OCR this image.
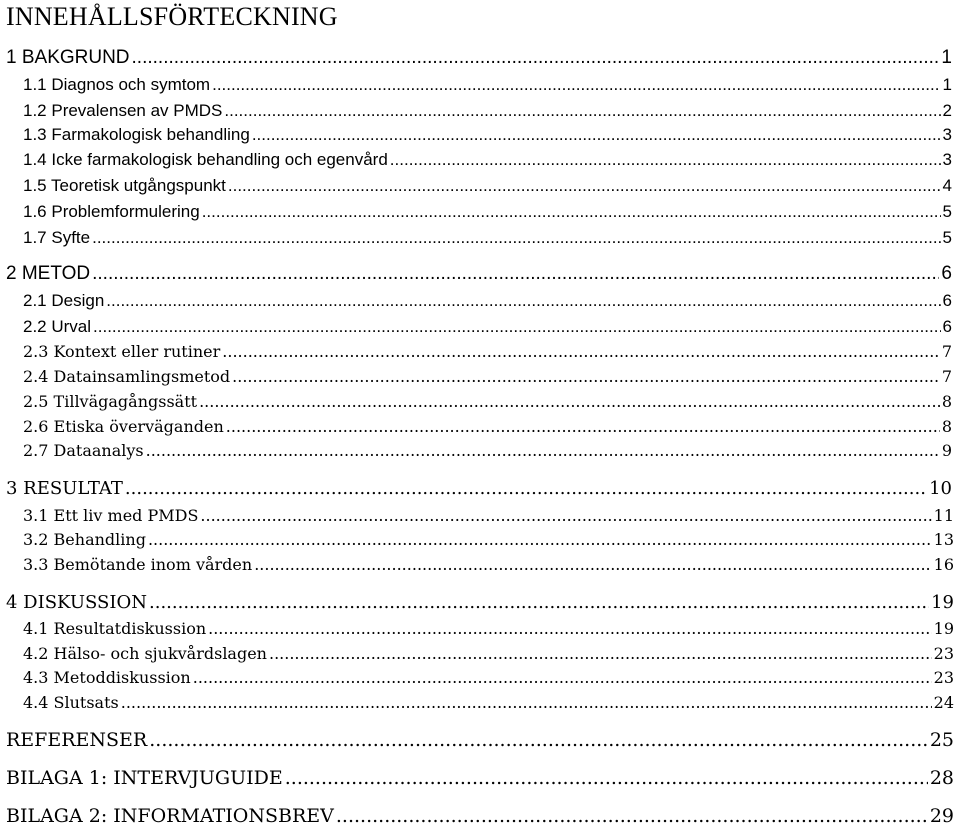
INNEHÅLLSFÖRTECKNING
1 BAKGRUND .....	1
1.1 Diagnos och symtom .....	1
1.2 Prevalensen av PMDS .....	2
1.3 Farmakologisk behandling .....	3
1.4 Icke farmakologisk behandling och egenvård .....	3
1.5 Teoretisk utgångspunkt .....	4
1.6 Problemformulering .....	5
1.7 Syfte .....	5
2 METOD .....	6
2.1 Design .....	6
2.2 Urval .....	6
2.3 Kontext eller rutiner .....	7
2.4 Datainsamlingsmetod .....	7
2.5 Tillvägagångssätt .....	8
2.6 Etiska överväganden .....	8
2.7 Dataanalys .....	9
3 RESULTAT .....	10
3.1 Ett liv med PMDS .....	11
3.2 Behandling .....	13
3.3 Bemötande inom vården .....	16
4 DISKUSSION .....	19
4.1 Resultatdiskussion .....	19
4.2 Hälso- och sjukvårdslagen .....	23
4.3 Metoddiskussion .....	23
4.4 Slutsats .....	24
REFERENSER .....	25
BILAGA 1: INTERVJUGUIDE .....	28
BILAGA 2: INFORMATIONSBREV .....	29
